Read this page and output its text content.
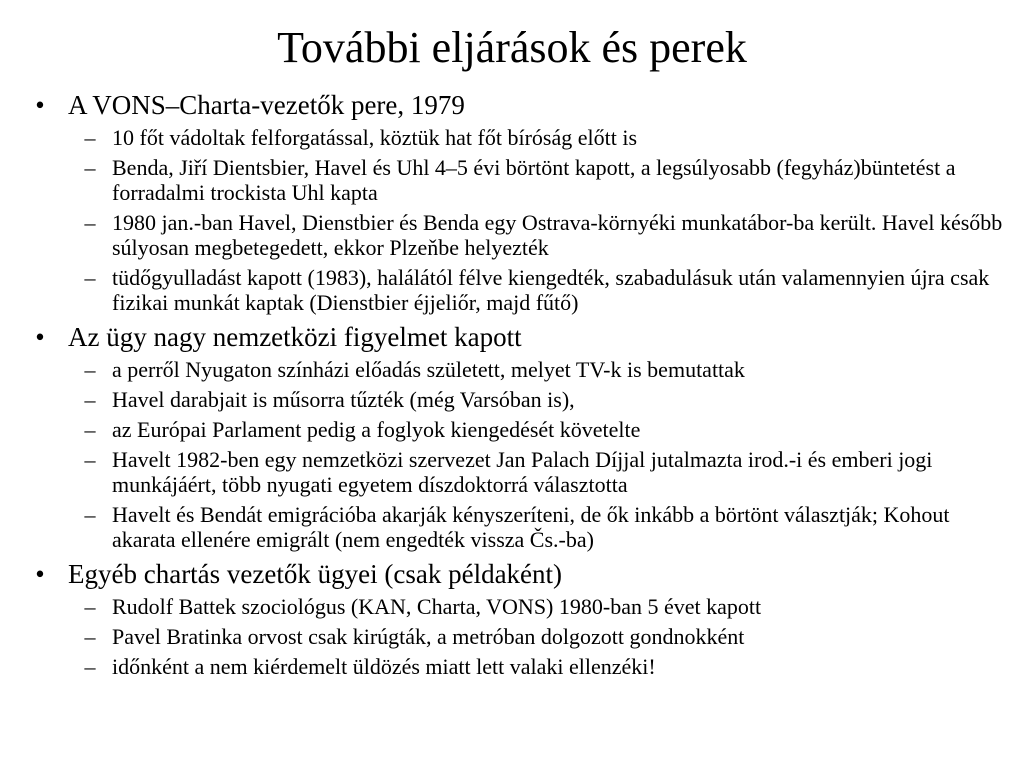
További eljárások és perek

• A VONS–Charta-vezetők pere, 1979

– 10 főt vádoltak felforgatással, köztük hat főt bíróság előtt is

– Benda, Jiří Dientsbier, Havel és Uhl 4–5 évi börtönt kapott, a legsúlyosabb (fegyház)büntetést a forradalmi trockista Uhl kapta

– 1980 jan.-ban Havel, Dienstbier és Benda egy Ostrava-környéki munkatábor-ba került. Havel később súlyosan megbetegedett, ekkor Plzeňbe helyezték

– tüdőgyulladást kapott (1983), halálától félve kiengedték, szabadulásuk után valamennyien újra csak fizikai munkát kaptak (Dienstbier éjjeliőr, majd fűtő)

• Az ügy nagy nemzetközi figyelmet kapott

– a perről Nyugaton színházi előadás született, melyet TV-k is bemutattak

– Havel darabjait is műsorra tűzték (még Varsóban is),

– az Európai Parlament pedig a foglyok kiengedését követelte

– Havelt 1982-ben egy nemzetközi szervezet Jan Palach Díjjal jutalmazta irod.-i és emberi jogi munkájáért, több nyugati egyetem díszdoktorrá választotta

– Havelt és Bendát emigrációba akarják kényszeríteni, de ők inkább a börtönt választják; Kohout akarata ellenére emigrált (nem engedték vissza Čs.-ba)

• Egyéb chartás vezetők ügyei (csak példaként)

– Rudolf Battek szociológus (KAN, Charta, VONS) 1980-ban 5 évet kapott

– Pavel Bratinka orvost csak kirúgták, a metróban dolgozott gondnokként

– időnként a nem kiérdemelt üldözés miatt lett valaki ellenzéki!
